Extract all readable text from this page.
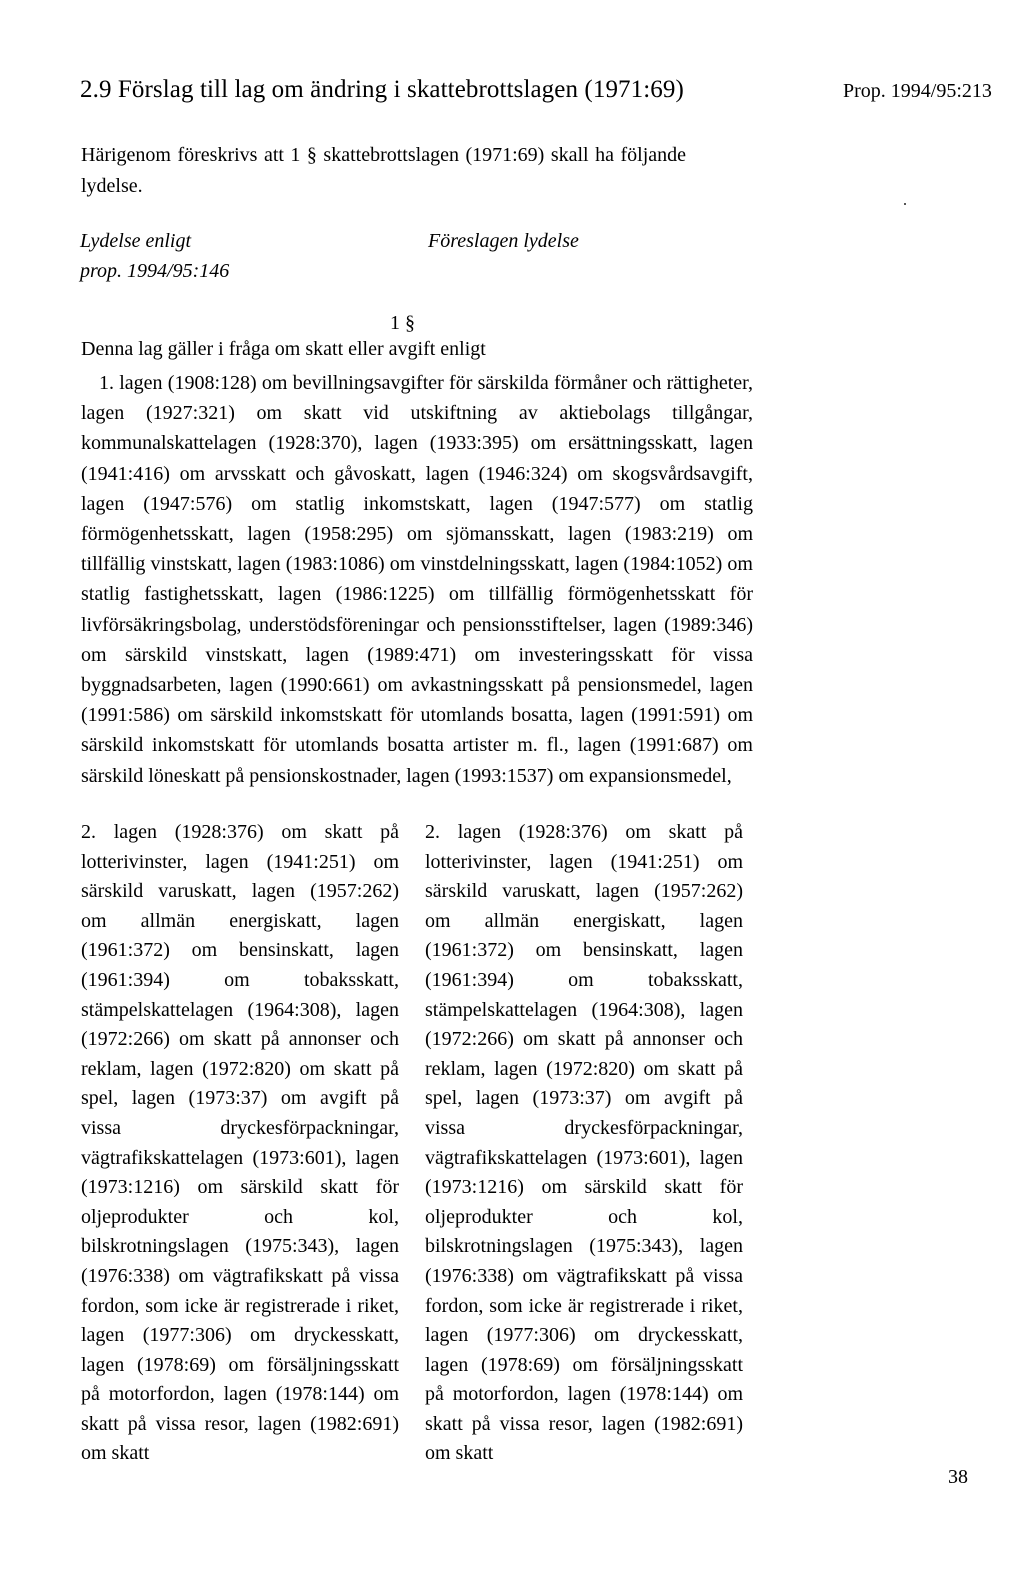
2.9 Förslag till lag om ändring i skattebrottslagen (1971:69)	Prop. 1994/95:213
Härigenom föreskrivs att 1 § skattebrottslagen (1971:69) skall ha följande lydelse.
Lydelse enligt
prop. 1994/95:146
Föreslagen lydelse
1 §
Denna lag gäller i fråga om skatt eller avgift enligt
1. lagen (1908:128) om bevillningsavgifter för särskilda förmåner och rättigheter, lagen (1927:321) om skatt vid utskiftning av aktiebolags tillgångar, kommunalskattelagen (1928:370), lagen (1933:395) om ersättningsskatt, lagen (1941:416) om arvsskatt och gåvoskatt, lagen (1946:324) om skogsvårdsavgift, lagen (1947:576) om statlig inkomstskatt, lagen (1947:577) om statlig förmögenhetsskatt, lagen (1958:295) om sjömansskatt, lagen (1983:219) om tillfällig vinstskatt, lagen (1983:1086) om vinstdelningsskatt, lagen (1984:1052) om statlig fastighetsskatt, lagen (1986:1225) om tillfällig förmögenhetsskatt för livförsäkringsbolag, understödsföreningar och pensionsstiftelser, lagen (1989:346) om särskild vinstskatt, lagen (1989:471) om investeringsskatt för vissa byggnadsarbeten, lagen (1990:661) om avkastningsskatt på pensionsmedel, lagen (1991:586) om särskild inkomstskatt för utomlands bosatta, lagen (1991:591) om särskild inkomstskatt för utomlands bosatta artister m. fl., lagen (1991:687) om särskild löneskatt på pensionskostnader, lagen (1993:1537) om expansionsmedel,
2. lagen (1928:376) om skatt på lotterivinster, lagen (1941:251) om särskild varuskatt, lagen (1957:262) om allmän energiskatt, lagen (1961:372) om bensinskatt, lagen (1961:394) om tobaksskatt, stämpelskattelagen (1964:308), lagen (1972:266) om skatt på annonser och reklam, lagen (1972:820) om skatt på spel, lagen (1973:37) om avgift på vissa dryckesförpackningar, vägtrafikskattelagen (1973:601), lagen (1973:1216) om särskild skatt för oljeprodukter och kol, bilskrotningslagen (1975:343), lagen (1976:338) om vägtrafikskatt på vissa fordon, som icke är registrerade i riket, lagen (1977:306) om dryckesskatt, lagen (1978:69) om försäljningsskatt på motorfordon, lagen (1978:144) om skatt på vissa resor, lagen (1982:691) om skatt
2. lagen (1928:376) om skatt på lotterivinster, lagen (1941:251) om särskild varuskatt, lagen (1957:262) om allmän energiskatt, lagen (1961:372) om bensinskatt, lagen (1961:394) om tobaksskatt, stämpelskattelagen (1964:308), lagen (1972:266) om skatt på annonser och reklam, lagen (1972:820) om skatt på spel, lagen (1973:37) om avgift på vissa dryckesförpackningar, vägtrafikskattelagen (1973:601), lagen (1973:1216) om särskild skatt för oljeprodukter och kol, bilskrotningslagen (1975:343), lagen (1976:338) om vägtrafikskatt på vissa fordon, som icke är registrerade i riket, lagen (1977:306) om dryckesskatt, lagen (1978:69) om försäljningsskatt på motorfordon, lagen (1978:144) om skatt på vissa resor, lagen (1982:691) om skatt
38
